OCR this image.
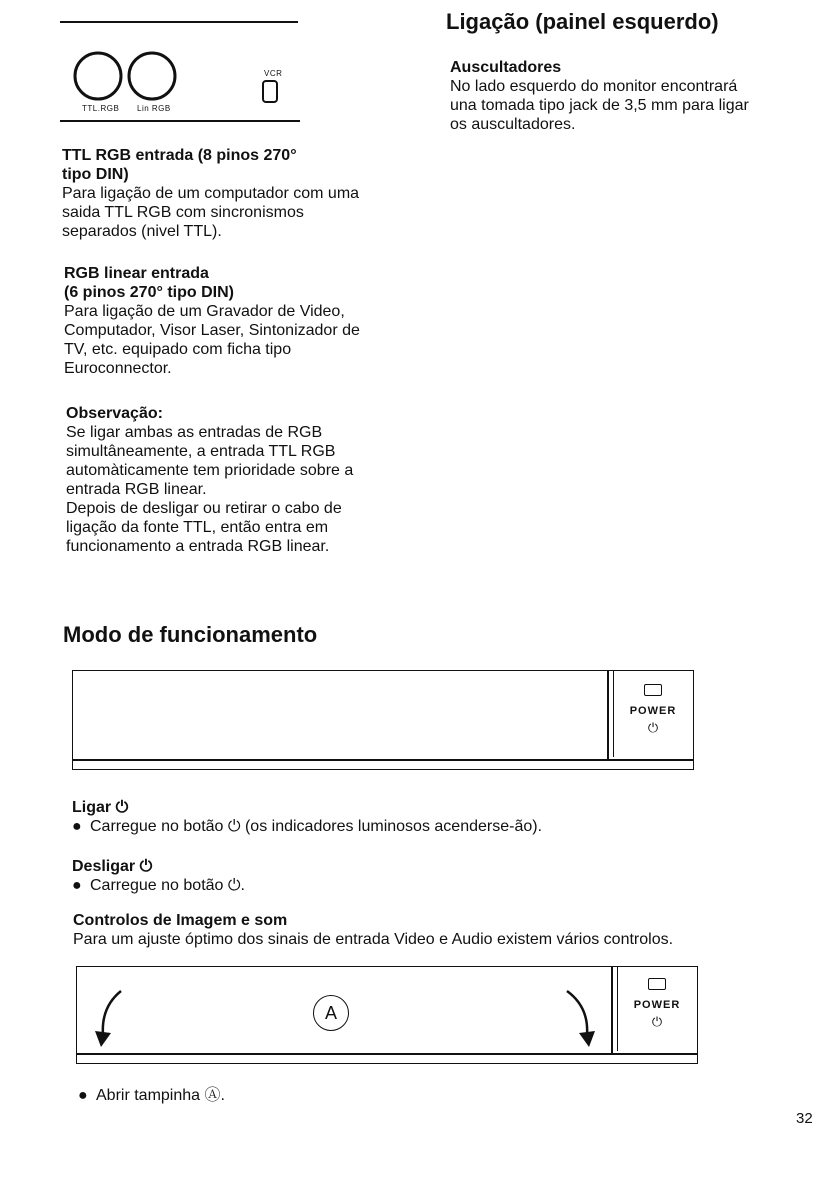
TTL.RGB Lin RGB
VCR
TTL RGB entrada (8 pinos 270°
tipo DIN)
Para ligação de um computador com uma
saida TTL RGB com sincronismos
separados (nivel TTL).
RGB linear entrada
(6 pinos 270° tipo DIN)
Para ligação de um Gravador de Video,
Computador, Visor Laser, Sintonizador de
TV, etc. equipado com ficha tipo
Euroconnector.
Observação:
Se ligar ambas as entradas de RGB
simultâneamente, a entrada TTL RGB
automàticamente tem prioridade sobre a
entrada RGB linear.
Depois de desligar ou retirar o cabo de
ligação da fonte TTL, então entra em
funcionamento a entrada RGB linear.
Ligação (painel esquerdo)
Auscultadores
No lado esquerdo do monitor encontrará
una tomada tipo jack de 3,5 mm para ligar
os auscultadores.
Modo de funcionamento
POWER
⏻
Ligar ⏻
● Carregue no botão ⏻ (os indicadores luminosos acenderse-ão).
Desligar ⏻
● Carregue no botão ⏻.
Controlos de Imagem e som
Para um ajuste óptimo dos sinais de entrada Video e Audio existem vários controlos.
A	POWER
⏻
● Abrir tampinha Ⓐ.
32
